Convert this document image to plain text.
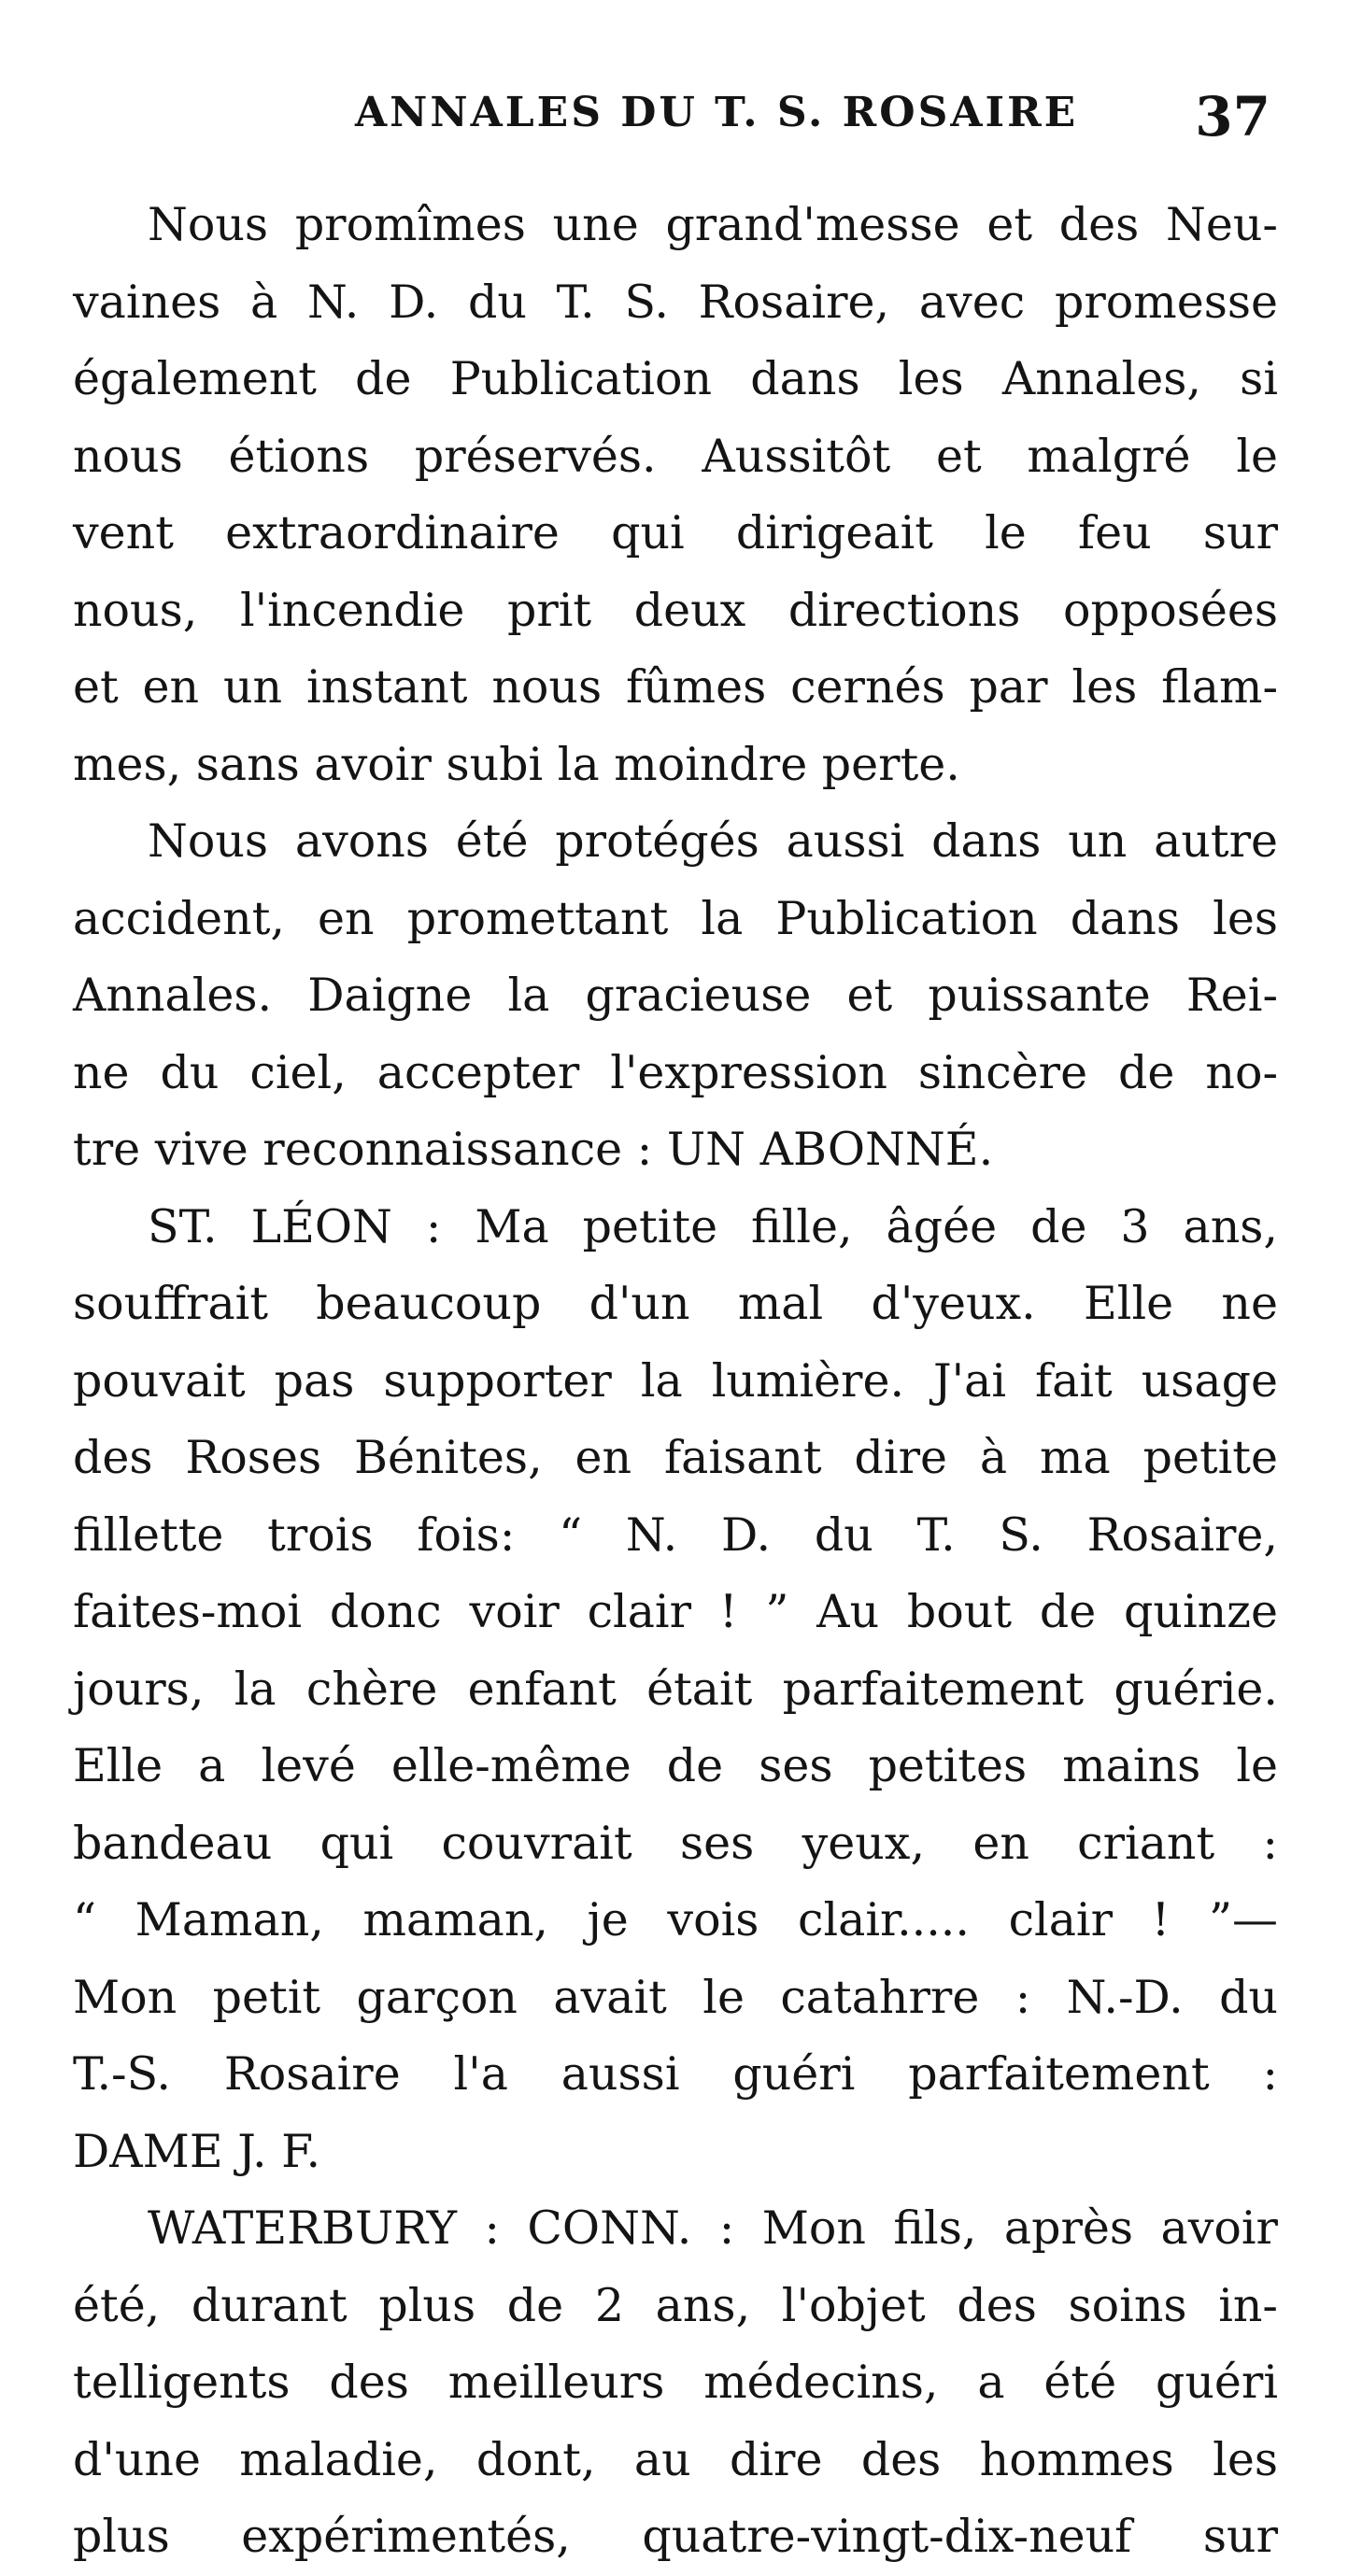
ANNALES DU T. S. ROSAIRE 37
Nous promîmes une grand'messe et des Neu-
vaines à N. D. du T. S. Rosaire, avec promesse
également de Publication dans les Annales, si
nous étions préservés. Aussitôt et malgré le
vent extraordinaire qui dirigeait le feu sur
nous, l'incendie prit deux directions opposées
et en un instant nous fûmes cernés par les flam-
mes, sans avoir subi la moindre perte.
Nous avons été protégés aussi dans un autre
accident, en promettant la Publication dans les
Annales. Daigne la gracieuse et puissante Rei-
ne du ciel, accepter l'expression sincère de no-
tre vive reconnaissance : UN ABONNÉ.
ST. LÉON : Ma petite fille, âgée de 3 ans,
souffrait beaucoup d'un mal d'yeux. Elle ne
pouvait pas supporter la lumière. J'ai fait usage
des Roses Bénites, en faisant dire à ma petite
fillette trois fois: “ N. D. du T. S. Rosaire,
faites-moi donc voir clair ! ” Au bout de quinze
jours, la chère enfant était parfaitement guérie.
Elle a levé elle-même de ses petites mains le
bandeau qui couvrait ses yeux, en criant :
“ Maman, maman, je vois clair..... clair ! ”—
Mon petit garçon avait le catahrre : N.-D. du
T.-S. Rosaire l'a aussi guéri parfaitement :
DAME J. F.
WATERBURY : CONN. : Mon fils, après avoir
été, durant plus de 2 ans, l'objet des soins in-
telligents des meilleurs médecins, a été guéri
d'une maladie, dont, au dire des hommes les
plus expérimentés, quatre-vingt-dix-neuf sur
